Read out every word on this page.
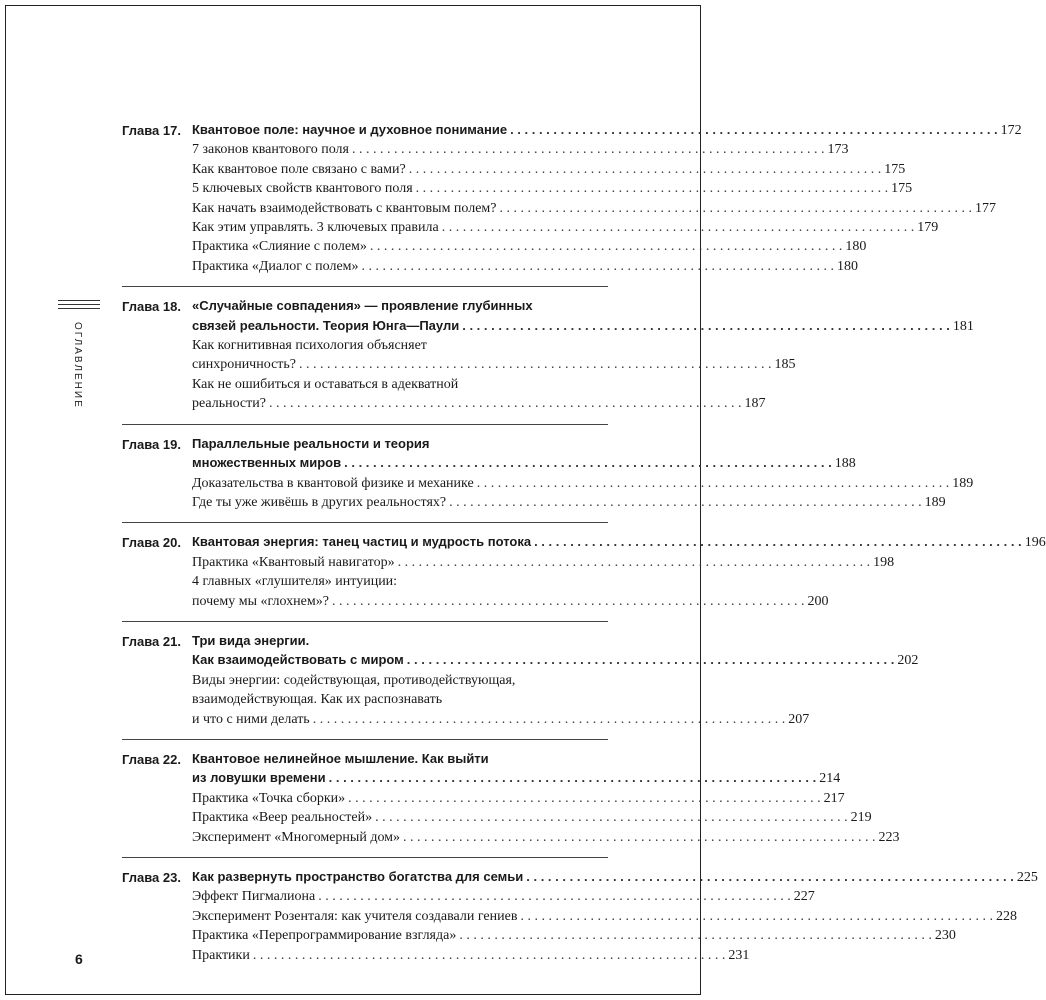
ОГЛАВЛЕНИЕ
Глава 17. Квантовое поле: научное и духовное понимание . . .	172
7 законов квантового поля . . .	173
Как квантовое поле связано с вами? . . .	175
5 ключевых свойств квантового поля . . .	175
Как начать взаимодействовать с квантовым полем? . . .	177
Как этим управлять. 3 ключевых правила . . .	179
Практика «Слияние с полем» . . .	180
Практика «Диалог с полем» . . .	180
Глава 18. «Случайные совпадения» — проявление глубинных
связей реальности. Теория Юнга—Паули . . .	181
Как когнитивная психология объясняет
синхроничность? . . .	185
Как не ошибиться и оставаться в адекватной
реальности? . . .	187
Глава 19. Параллельные реальности и теория
множественных миров . . .	188
Доказательства в квантовой физике и механике . . .	189
Где ты уже живёшь в других реальностях? . . .	189
Глава 20. Квантовая энергия: танец частиц и мудрость потока . . .	196
Практика «Квантовый навигатор» . . .	198
4 главных «глушителя» интуиции:
почему мы «глохнем»? . . .	200
Глава 21. Три вида энергии.
Как взаимодействовать с миром . . .	202
Виды энергии: содействующая, противодействующая,
взаимодействующая. Как их распознавать
и что с ними делать . . .	207
Глава 22. Квантовое нелинейное мышление. Как выйти
из ловушки времени . . .	214
Практика «Точка сборки» . . .	217
Практика «Веер реальностей» . . .	219
Эксперимент «Многомерный дом» . . .	223
Глава 23. Как развернуть пространство богатства для семьи . . .	225
Эффект Пигмалиона . . .	227
Эксперимент Розенталя: как учителя создавали гениев . . .	228
Практика «Перепрограммирование взгляда» . . .	230
Практики . . .	231
6
